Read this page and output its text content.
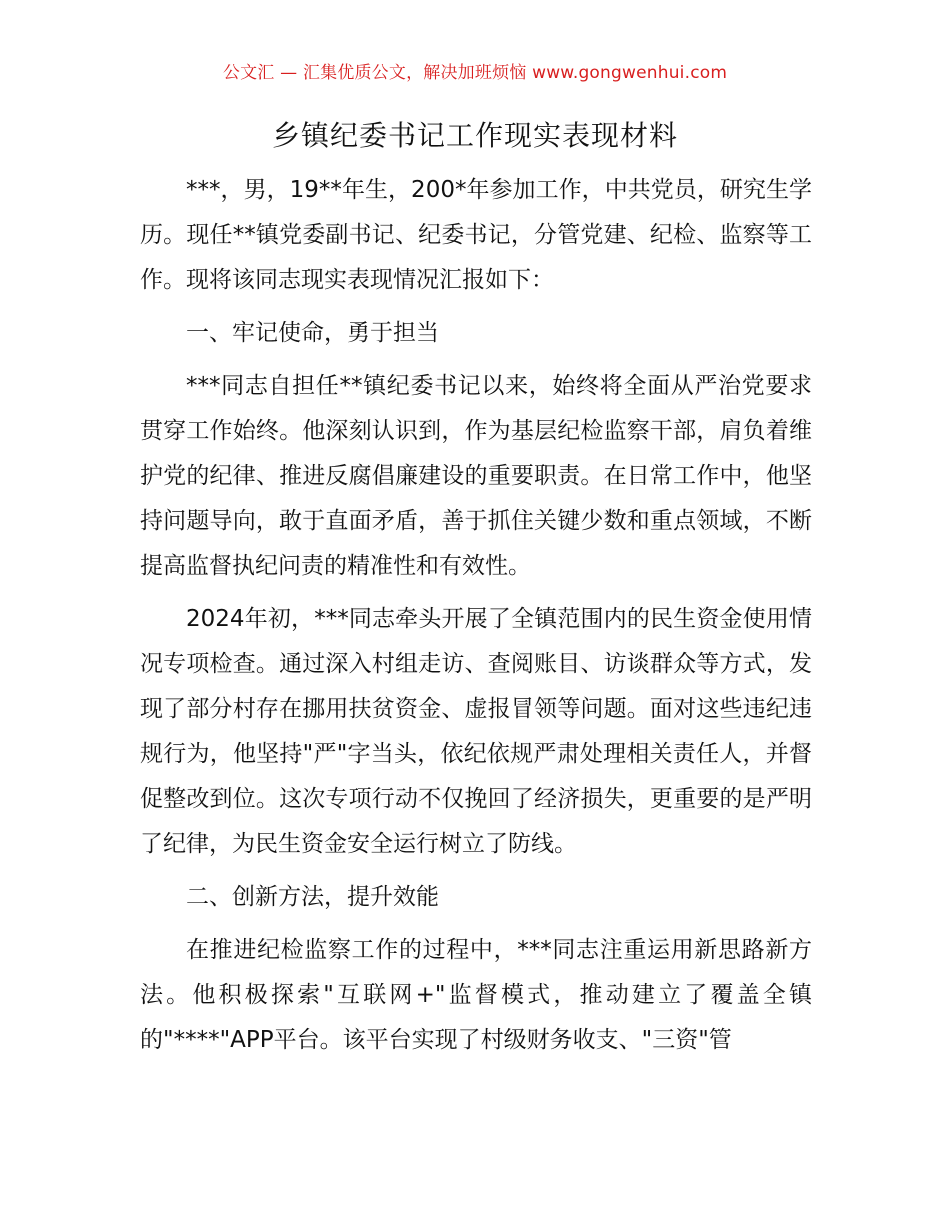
公文汇 — 汇集优质公文，解决加班烦恼 www.gongwenhui.com
乡镇纪委书记工作现实表现材料

***，男，19**年生，200*年参加工作，中共党员，研究生学历。现任**镇党委副书记、纪委书记，分管党建、纪检、监察等工作。现将该同志现实表现情况汇报如下：

一、牢记使命，勇于担当

***同志自担任**镇纪委书记以来，始终将全面从严治党要求贯穿工作始终。他深刻认识到，作为基层纪检监察干部，肩负着维护党的纪律、推进反腐倡廉建设的重要职责。在日常工作中，他坚持问题导向，敢于直面矛盾，善于抓住关键少数和重点领域，不断提高监督执纪问责的精准性和有效性。

2024年初，***同志牵头开展了全镇范围内的民生资金使用情况专项检查。通过深入村组走访、查阅账目、访谈群众等方式，发现了部分村存在挪用扶贫资金、虚报冒领等问题。面对这些违纪违规行为，他坚持"严"字当头，依纪依规严肃处理相关责任人，并督促整改到位。这次专项行动不仅挽回了经济损失，更重要的是严明了纪律，为民生资金安全运行树立了防线。

二、创新方法，提升效能

在推进纪检监察工作的过程中，***同志注重运用新思路新方法。他积极探索"互联网+"监督模式，推动建立了覆盖全镇的"****"APP平台。该平台实现了村级财务收支、"三资"管
